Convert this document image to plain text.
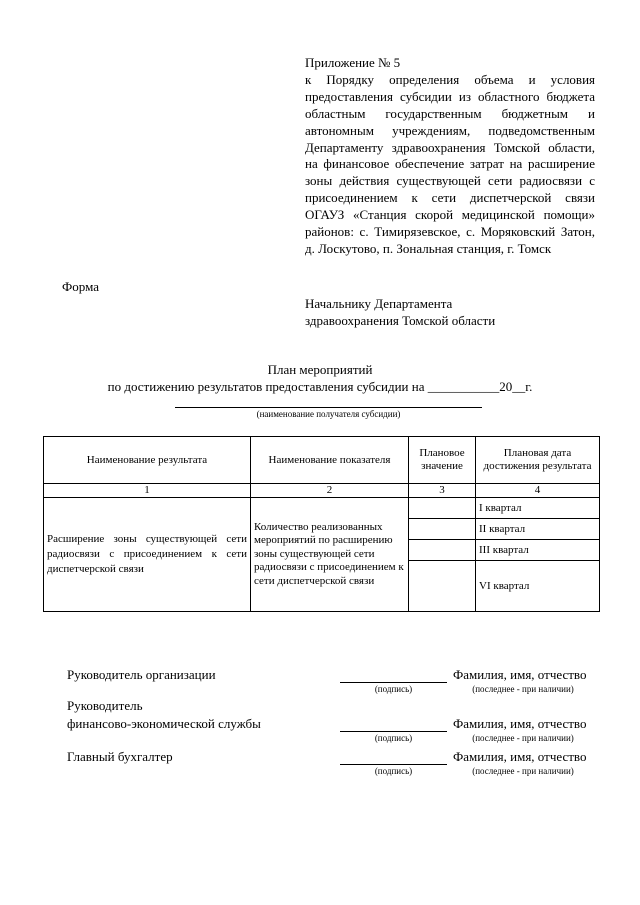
Приложение № 5
к Порядку определения объема и условия предоставления субсидии из областного бюджета областным государственным бюджетным и автономным учреждениям, подведомственным Департаменту здравоохранения Томской области, на финансовое обеспечение затрат на расширение зоны действия существующей сети радиосвязи с присоединением к сети диспетчерской связи ОГАУЗ «Станция скорой медицинской помощи» районов: с. Тимирязевское, с. Моряковский Затон, д. Лоскутово, п. Зональная станция, г. Томск
Форма
Начальнику Департамента
здравоохранения Томской области
План мероприятий
по достижению результатов предоставления субсидии на ___________20__г.
(наименование получателя субсидии)
Наименование результата	Наименование показателя	Плановое значение	Плановая дата достижения результата
1	2	3	4
Расширение зоны существующей сети радиосвязи с присоединением к сети диспетчерской связи	Количество реализованных мероприятий по расширению зоны существующей сети радиосвязи с присоединением к сети диспетчерской связи		I квартал
			II квартал
			III квартал
			VI квартал
Руководитель организации
(подпись)
Фамилия, имя, отчество
(последнее - при наличии)
Руководитель
финансово-экономической службы
(подпись)
Фамилия, имя, отчество
(последнее - при наличии)
Главный бухгалтер
(подпись)
Фамилия, имя, отчество
(последнее - при наличии)
